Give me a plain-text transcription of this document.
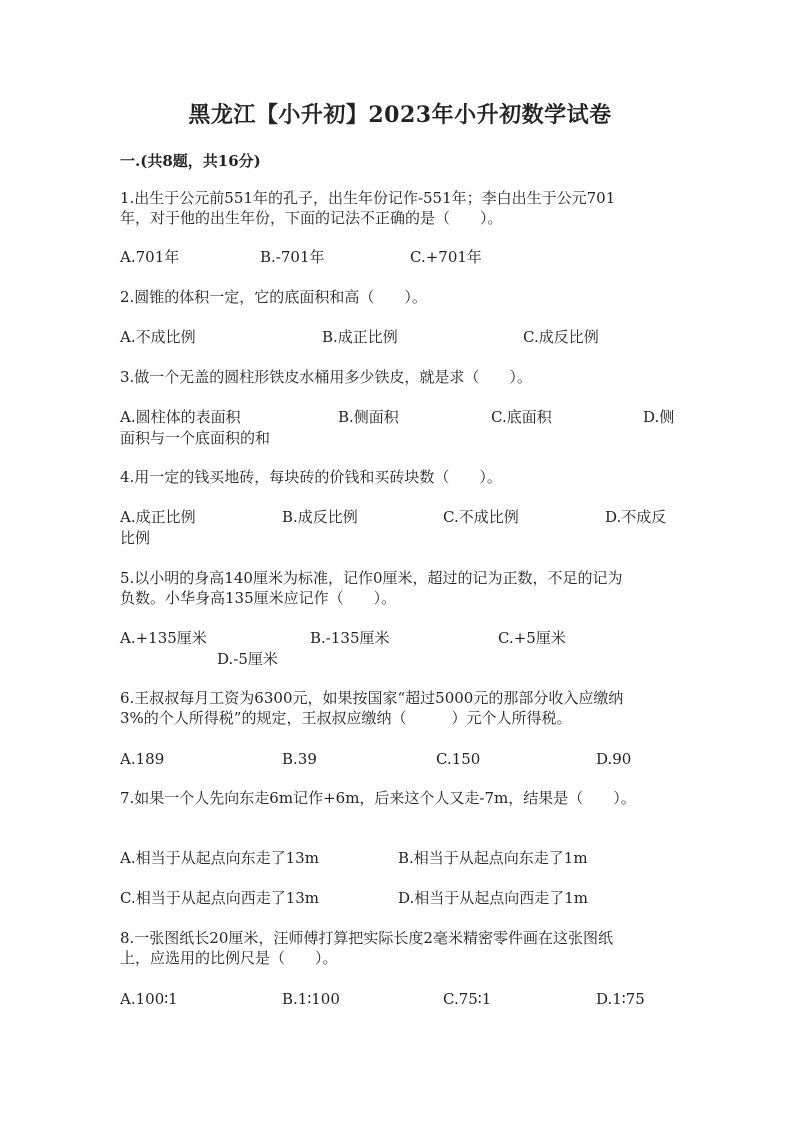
黑龙江【小升初】2023年小升初数学试卷
一.(共8题，共16分)
1.出生于公元前551年的孔子，出生年份记作-551年；李白出生于公元701
年，对于他的出生年份，下面的记法不正确的是（　　）。
A.701年	B.-701年	C.+701年
2.圆锥的体积一定，它的底面积和高（　　）。
A.不成比例	B.成正比例	C.成反比例
3.做一个无盖的圆柱形铁皮水桶用多少铁皮，就是求（　　）。
A.圆柱体的表面积	B.侧面积	C.底面积	D.侧
面积与一个底面积的和
4.用一定的钱买地砖，每块砖的价钱和买砖块数（　　）。
A.成正比例	B.成反比例	C.不成比例	D.不成反
比例
5.以小明的身高140厘米为标准，记作0厘米，超过的记为正数，不足的记为
负数。小华身高135厘米应记作（　　）。
A.+135厘米	B.-135厘米	C.+5厘米
D.-5厘米
6.王叔叔每月工资为6300元，如果按国家“超过5000元的那部分收入应缴纳
3%的个人所得税”的规定，王叔叔应缴纳（　　　）元个人所得税。
A.189	B.39	C.150	D.90
7.如果一个人先向东走6m记作+6m，后来这个人又走-7m，结果是（　　）。
A.相当于从起点向东走了13m	B.相当于从起点向东走了1m
C.相当于从起点向西走了13m	D.相当于从起点向西走了1m
8.一张图纸长20厘米，汪师傅打算把实际长度2毫米精密零件画在这张图纸
上，应选用的比例尺是（　　）。
A.100∶1	B.1∶100	C.75∶1	D.1∶75
